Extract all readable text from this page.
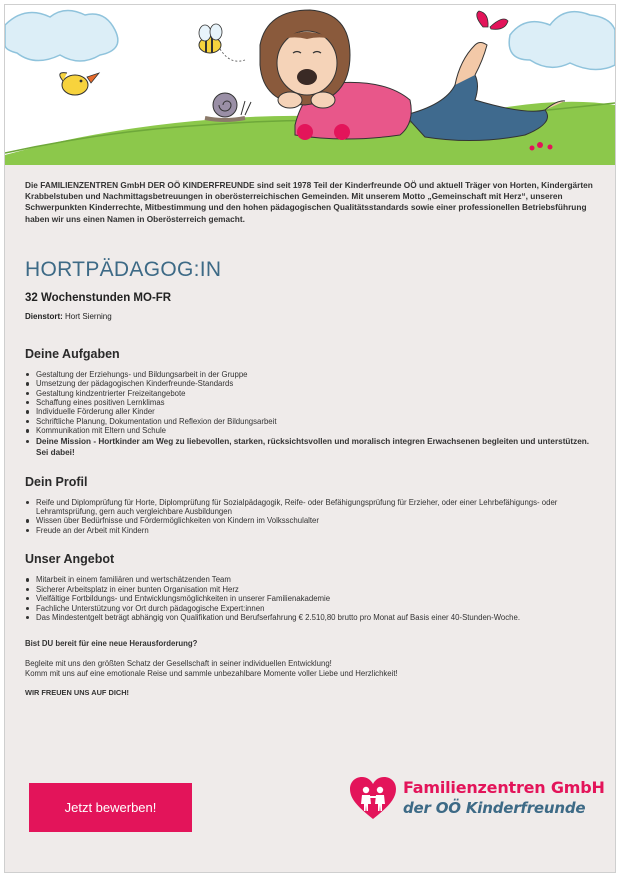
Die FAMILIENZENTREN GmbH DER OÖ KINDERFREUNDE sind seit 1978 Teil der Kinderfreunde OÖ und aktuell Träger von Horten, Kindergärten Krabbelstuben und Nachmittagsbetreuungen in oberösterreichischen Gemeinden. Mit unserem Motto „Gemeinschaft mit Herz“, unseren Schwerpunkten Kinderrechte, Mitbestimmung und den hohen pädagogischen Qualitätsstandards sowie einer professionellen Betriebsführung haben wir uns einen Namen in Oberösterreich gemacht.

HORTPÄDAGOG:IN
32 Wochenstunden MO-FR
Dienstort: Hort Sierning
Deine Aufgaben
Gestaltung der Erziehungs- und Bildungsarbeit in der Gruppe
Umsetzung der pädagogischen Kinderfreunde-Standards
Gestaltung kindzentrierter Freizeitangebote
Schaffung eines positiven Lernklimas
Individuelle Förderung aller Kinder
Schriftliche Planung, Dokumentation und Reflexion der Bildungsarbeit
Kommunikation mit Eltern und Schule
Deine Mission - Hortkinder am Weg zu liebevollen, starken, rücksichtsvollen und moralisch integren Erwachsenen begleiten und unterstützen. Sei dabei!
Dein Profil
Reife und Diplomprüfung für Horte, Diplomprüfung für Sozialpädagogik, Reife- oder Befähigungsprüfung für Erzieher, oder einer Lehrbefähigungs- oder Lehramtsprüfung, gern auch vergleichbare Ausbildungen
Wissen über Bedürfnisse und Fördermöglichkeiten von Kindern im Volksschulalter
Freude an der Arbeit mit Kindern
Unser Angebot
Mitarbeit in einem familiären und wertschätzenden Team
Sicherer Arbeitsplatz in einer bunten Organisation mit Herz
Vielfältige Fortbildungs- und Entwicklungsmöglichkeiten in unserer Familienakademie
Fachliche Unterstützung vor Ort durch pädagogische Expert:innen
Das Mindestentgelt beträgt abhängig von Qualifikation und Berufserfahrung € 2.510,80 brutto pro Monat auf Basis einer 40-Stunden-Woche.

Bist DU bereit für eine neue Herausforderung?

Begleite mit uns den größten Schatz der Gesellschaft in seiner individuellen Entwicklung!

Komm mit uns auf eine emotionale Reise und sammle unbezahlbare Momente voller Liebe und Herzlichkeit!

WIR FREUEN UNS AUF DICH!

Jetzt bewerben!
Familienzentren GmbH
der OÖ Kinderfreunde
